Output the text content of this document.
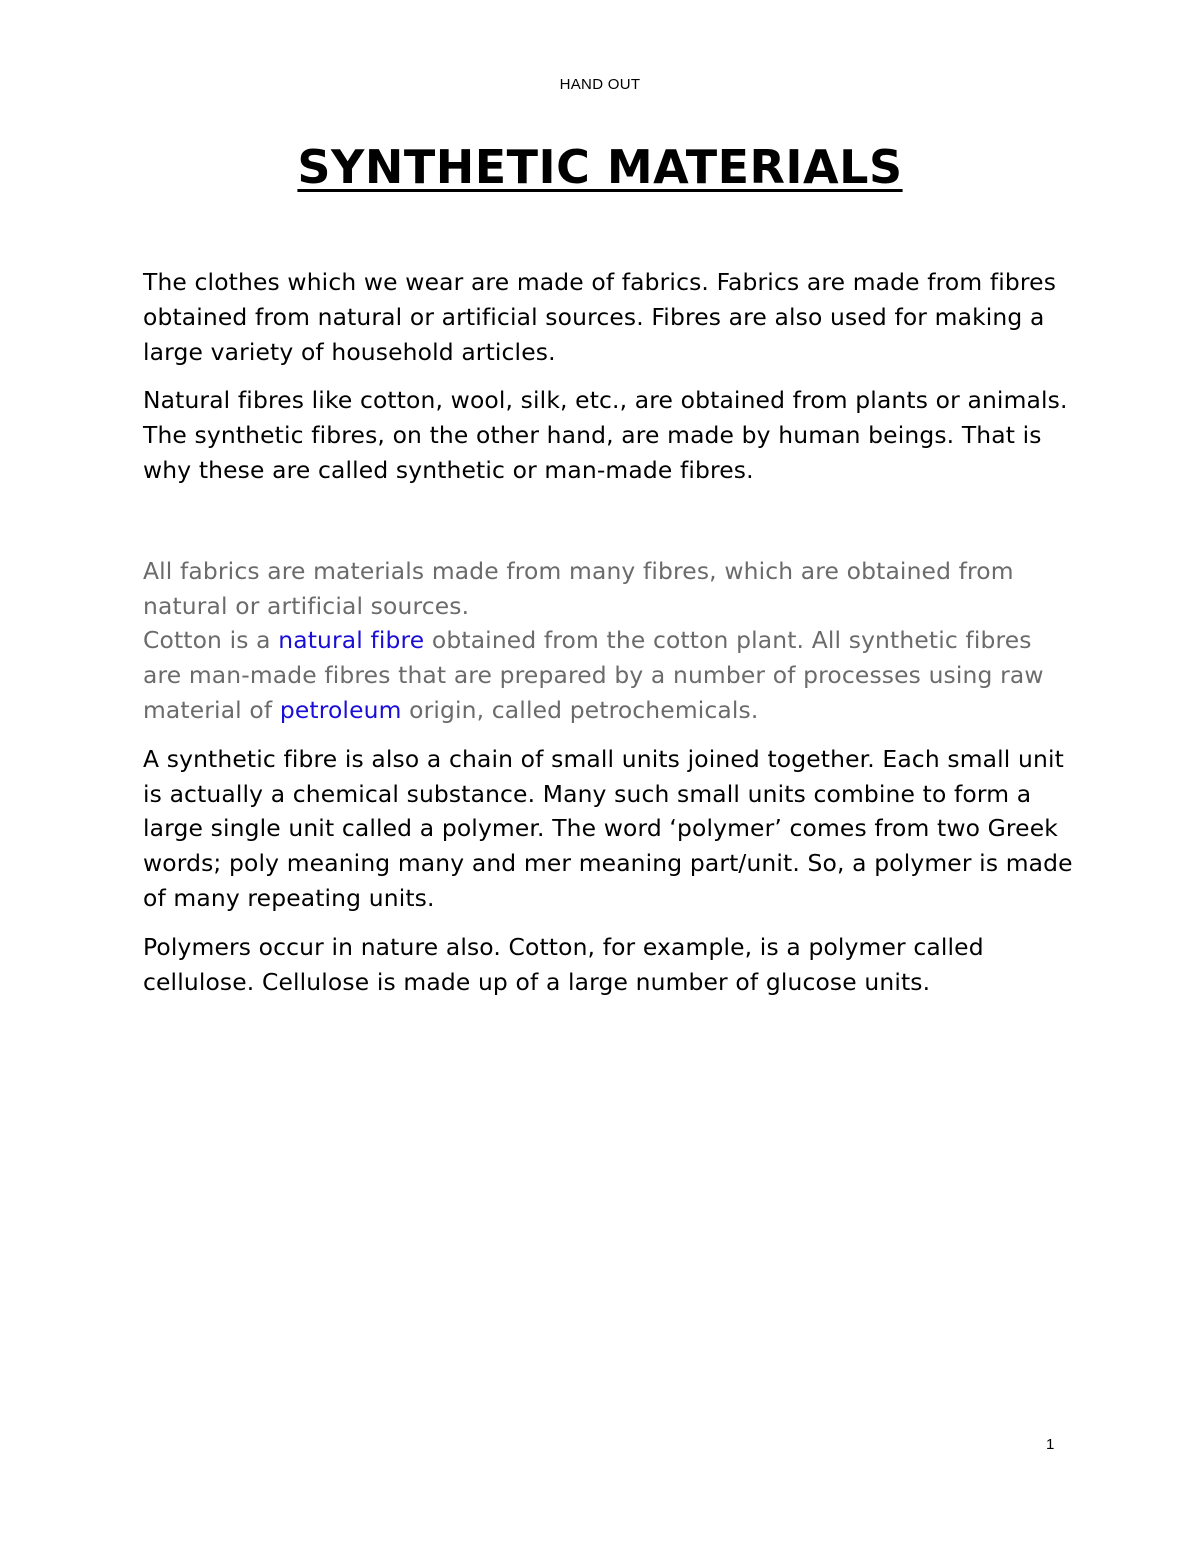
HAND OUT
SYNTHETIC MATERIALS

The clothes which we wear are made of fabrics. Fabrics are made from fibres obtained from natural or artificial sources. Fibres are also used for making a large variety of household articles.

Natural fibres like cotton, wool, silk, etc., are obtained from plants or animals. The synthetic fibres, on the other hand, are made by human beings. That is why these are called synthetic or man-made fibres.

All fabrics are materials made from many fibres, which are obtained from natural or artificial sources.
Cotton is a natural fibre obtained from the cotton plant. All synthetic fibres are man-made fibres that are prepared by a number of processes using raw material of petroleum origin, called petrochemicals.

A synthetic fibre is also a chain of small units joined together. Each small unit is actually a chemical substance. Many such small units combine to form a large single unit called a polymer. The word ‘polymer’ comes from two Greek words; poly meaning many and mer meaning part/unit. So, a polymer is made of many repeating units.

Polymers occur in nature also. Cotton, for example, is a polymer called cellulose. Cellulose is made up of a large number of glucose units.

1
